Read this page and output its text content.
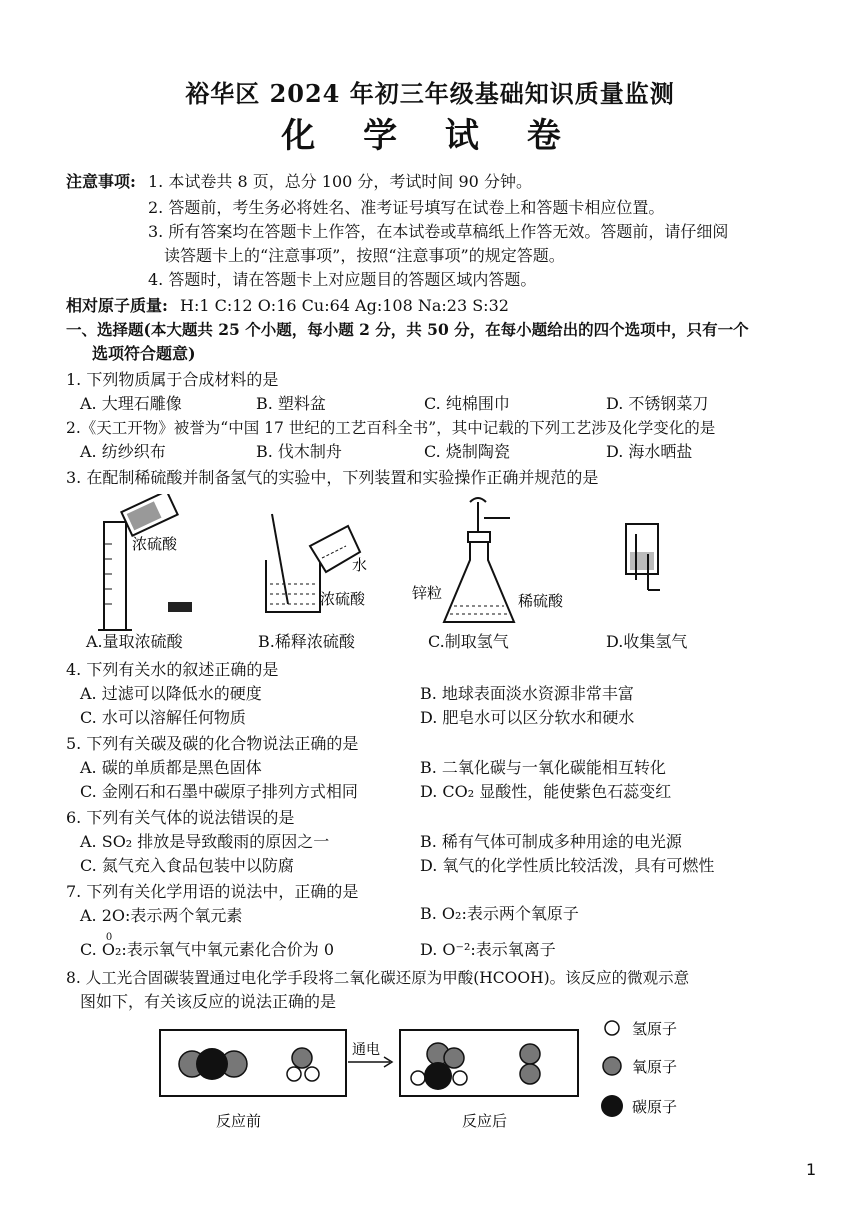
裕华区 2024 年初三年级基础知识质量监测
化 学 试 卷
注意事项: 1. 本试卷共 8 页，总分 100 分，考试时间 90 分钟。
2. 答题前，考生务必将姓名、准考证号填写在试卷上和答题卡相应位置。
3. 所有答案均在答题卡上作答，在本试卷或草稿纸上作答无效。答题前，请仔细阅
读答题卡上的“注意事项”，按照“注意事项”的规定答题。
4. 答题时，请在答题卡上对应题目的答题区域内答题。
相对原子质量: H:1 C:12 O:16 Cu:64 Ag:108 Na:23 S:32
一、选择题(本大题共 25 个小题，每小题 2 分，共 50 分，在每小题给出的四个选项中，只有一个
选项符合题意)
1. 下列物质属于合成材料的是
A. 大理石雕像	B. 塑料盆	C. 纯棉围巾	D. 不锈钢菜刀
2.《天工开物》被誉为“中国 17 世纪的工艺百科全书”，其中记载的下列工艺涉及化学变化的是
A. 纺纱织布	B. 伐木制舟	C. 烧制陶瓷	D. 海水晒盐
3. 在配制稀硫酸并制备氢气的实验中，下列装置和实验操作正确并规范的是
浓硫酸
水
浓硫酸	锌粒	稀硫酸
A.量取浓硫酸	B.稀释浓硫酸	C.制取氢气	D.收集氢气
4. 下列有关水的叙述正确的是
A. 过滤可以降低水的硬度	B. 地球表面淡水资源非常丰富
C. 水可以溶解任何物质	D. 肥皂水可以区分软水和硬水
5. 下列有关碳及碳的化合物说法正确的是
A. 碳的单质都是黑色固体	B. 二氧化碳与一氧化碳能相互转化
C. 金刚石和石墨中碳原子排列方式相同	D. CO₂ 显酸性，能使紫色石蕊变红
6. 下列有关气体的说法错误的是
A. SO₂ 排放是导致酸雨的原因之一	B. 稀有气体可制成多种用途的电光源
C. 氮气充入食品包装中以防腐	D. 氧气的化学性质比较活泼，具有可燃性
7. 下列有关化学用语的说法中，正确的是
A. 2O:表示两个氧元素	B. O₂:表示两个氧原子
C.
0
O₂:表示氧气中氧元素化合价为 0	D. O⁻²:表示氧离子
8. 人工光合固碳装置通过电化学手段将二氧化碳还原为甲酸(HCOOH)。该反应的微观示意
图如下，有关该反应的说法正确的是
通电
反应前	反应后
氢原子
氧原子
碳原子
1
